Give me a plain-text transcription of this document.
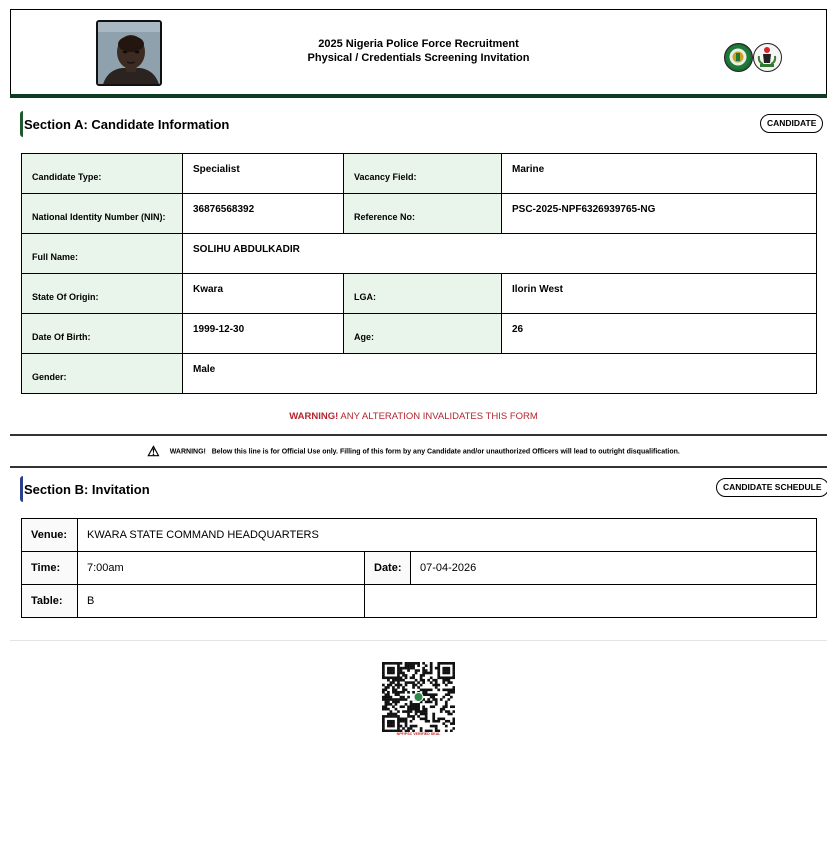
2025 Nigeria Police Force Recruitment
Physical / Credentials Screening Invitation
Section A: Candidate Information	CANDIDATE
Candidate Type:	Specialist	Vacancy Field:	Marine
National Identity Number (NIN):	36876568392	Reference No:	PSC-2025-NPF6326939765-NG
Full Name:	SOLIHU ABDULKADIR		
State Of Origin:	Kwara	LGA:	Ilorin West
Date Of Birth:	1999-12-30	Age:	26
Gender:	Male		
WARNING! ANY ALTERATION INVALIDATES THIS FORM
⚠ WARNING! Below this line is for Official Use only. Filling of this form by any Candidate and/or unauthorized Officers will lead to outright disqualification.
Section B: Invitation	CANDIDATE SCHEDULE
Venue:	KWARA STATE COMMAND HEADQUARTERS		
Time:	7:00am	Date:	07-04-2026
Table:	B		
NPF/PSC VERIFIED SEAL
